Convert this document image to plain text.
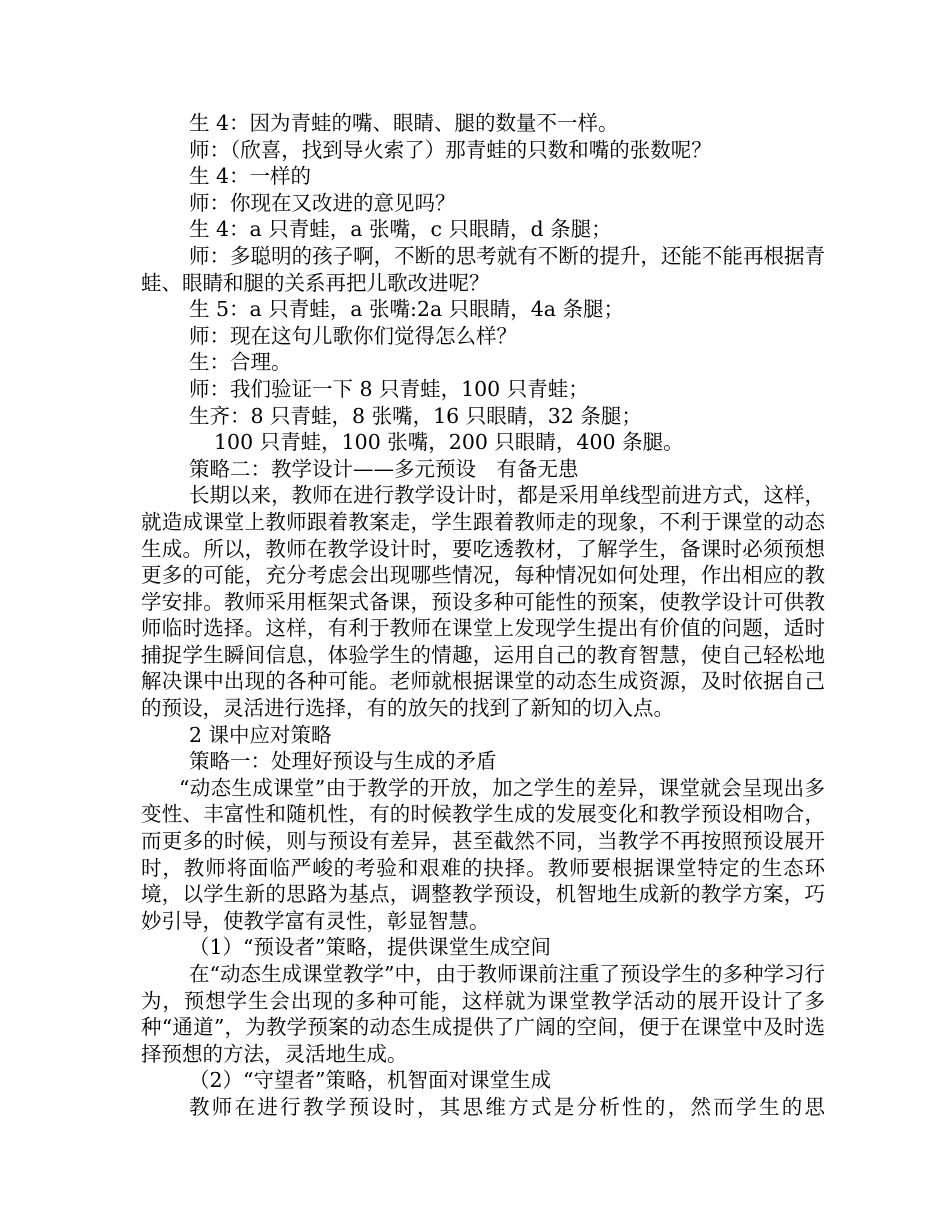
生 4：因为青蛙的嘴、眼睛、腿的数量不一样。

师：（欣喜，找到导火索了）那青蛙的只数和嘴的张数呢？

生 4：一样的

师：你现在又改进的意见吗？

生 4：a 只青蛙，a 张嘴，c 只眼睛，d 条腿；

师：多聪明的孩子啊，不断的思考就有不断的提升，还能不能再根据青蛙、眼睛和腿的关系再把儿歌改进呢？

生 5：a 只青蛙，a 张嘴:2a 只眼睛，4a 条腿；

师：现在这句儿歌你们觉得怎么样？

生：合理。

师：我们验证一下 8 只青蛙，100 只青蛙；

生齐：8 只青蛙，8 张嘴，16 只眼睛，32 条腿；

100 只青蛙，100 张嘴，200 只眼睛，400 条腿。

策略二：教学设计——多元预设　有备无患

长期以来，教师在进行教学设计时，都是采用单线型前进方式，这样，就造成课堂上教师跟着教案走，学生跟着教师走的现象，不利于课堂的动态生成。所以，教师在教学设计时，要吃透教材，了解学生，备课时必须预想更多的可能，充分考虑会出现哪些情况，每种情况如何处理，作出相应的教学安排。教师采用框架式备课，预设多种可能性的预案，使教学设计可供教师临时选择。这样，有利于教师在课堂上发现学生提出有价值的问题，适时捕捉学生瞬间信息，体验学生的情趣，运用自己的教育智慧，使自己轻松地解决课中出现的各种可能。老师就根据课堂的动态生成资源，及时依据自己的预设，灵活进行选择，有的放矢的找到了新知的切入点。

2 课中应对策略

策略一：处理好预设与生成的矛盾

“动态生成课堂”由于教学的开放，加之学生的差异，课堂就会呈现出多变性、丰富性和随机性，有的时候教学生成的发展变化和教学预设相吻合，而更多的时候，则与预设有差异，甚至截然不同，当教学不再按照预设展开时，教师将面临严峻的考验和艰难的抉择。教师要根据课堂特定的生态环境，以学生新的思路为基点，调整教学预设，机智地生成新的教学方案，巧妙引导，使教学富有灵性，彰显智慧。

（1）“预设者”策略，提供课堂生成空间

在“动态生成课堂教学”中，由于教师课前注重了预设学生的多种学习行为，预想学生会出现的多种可能，这样就为课堂教学活动的展开设计了多种“通道”，为教学预案的动态生成提供了广阔的空间，便于在课堂中及时选择预想的方法，灵活地生成。

（2）“守望者”策略，机智面对课堂生成

教师在进行教学预设时，其思维方式是分析性的，然而学生的思
